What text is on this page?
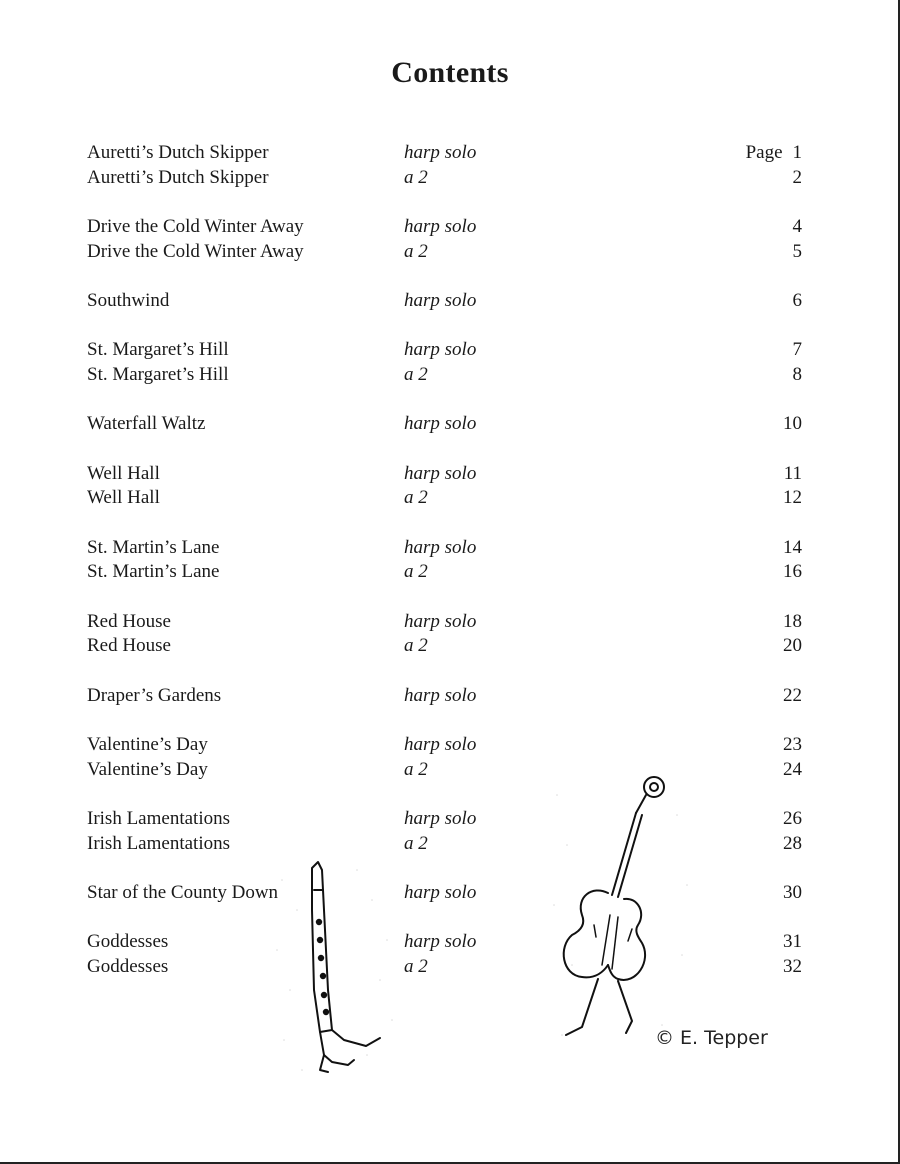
Contents
Auretti’s Dutch Skipper	harp solo	Page 1
Auretti’s Dutch Skipper	a 2	2
Drive the Cold Winter Away	harp solo	4
Drive the Cold Winter Away	a 2	5
Southwind	harp solo	6
St. Margaret’s Hill	harp solo	7
St. Margaret’s Hill	a 2	8
Waterfall Waltz	harp solo	10
Well Hall	harp solo	11
Well Hall	a 2	12
St. Martin’s Lane	harp solo	14
St. Martin’s Lane	a 2	16
Red House	harp solo	18
Red House	a 2	20
Draper’s Gardens	harp solo	22
Valentine’s Day	harp solo	23
Valentine’s Day	a 2	24
Irish Lamentations	harp solo	26
Irish Lamentations	a 2	28
Star of the County Down	harp solo	30
Goddesses	harp solo	31
Goddesses	a 2	32
© E. Tepper
